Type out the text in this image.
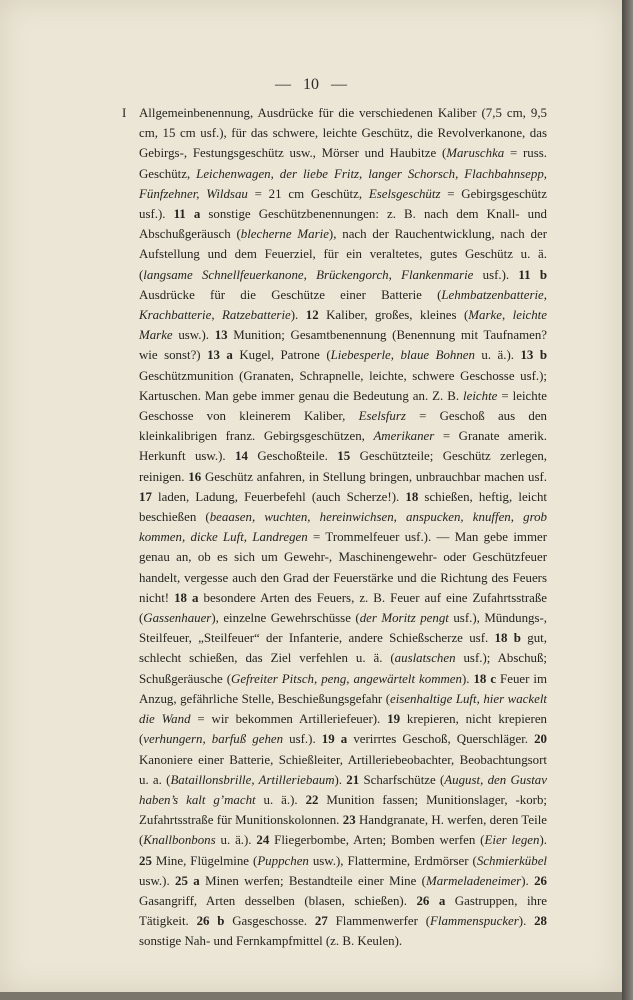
— 10 —
I Allgemeinbenennung, Ausdrücke für die verschiedenen Kaliber (7,5 cm, 9,5 cm, 15 cm usf.), für das schwere, leichte Geschütz, die Revolverkanone, das Gebirgs-, Festungsgeschütz usw., Mörser und Haubitze (Maruschka = russ. Geschütz, Leichenwagen, der liebe Fritz, langer Schorsch, Flachbahnsepp, Fünfzehner, Wildsau = 21 cm Geschütz, Eselsgeschütz = Gebirgsgeschütz usf.). 11 a sonstige Geschützbenennungen: z. B. nach dem Knall- und Abschußgeräusch (blecherne Marie), nach der Rauchentwicklung, nach der Aufstellung und dem Feuerziel, für ein veraltetes, gutes Geschütz u. ä. (langsame Schnellfeuerkanone, Brückengorch, Flankenmarie usf.). 11 b Ausdrücke für die Geschütze einer Batterie (Lehmbatzenbatterie, Krachbatterie, Ratzebatterie). 12 Kaliber, großes, kleines (Marke, leichte Marke usw.). 13 Munition; Gesamtbenennung (Benennung mit Taufnamen? wie sonst?) 13 a Kugel, Patrone (Liebesperle, blaue Bohnen u. ä.). 13 b Geschützmunition (Granaten, Schrapnelle, leichte, schwere Geschosse usf.); Kartuschen. Man gebe immer genau die Bedeutung an. Z. B. leichte = leichte Geschosse von kleinerem Kaliber, Eselsfurz = Geschoß aus den kleinkalibrigen franz. Gebirgsgeschützen, Amerikaner = Granate amerik. Herkunft usw.). 14 Geschoßteile. 15 Geschützteile; Geschütz zerlegen, reinigen. 16 Geschütz anfahren, in Stellung bringen, unbrauchbar machen usf. 17 laden, Ladung, Feuerbefehl (auch Scherze!). 18 schießen, heftig, leicht beschießen (beaasen, wuchten, hereinwichsen, anspucken, knuffen, grob kommen, dicke Luft, Landregen = Trommelfeuer usf.). — Man gebe immer genau an, ob es sich um Gewehr-, Maschinengewehr- oder Geschützfeuer handelt, vergesse auch den Grad der Feuerstärke und die Richtung des Feuers nicht! 18 a besondere Arten des Feuers, z. B. Feuer auf eine Zufahrtsstraße (Gassenhauer), einzelne Gewehrschüsse (der Moritz pengt usf.), Mündungs-, Steilfeuer, „Steilfeuer“ der Infanterie, andere Schießscherze usf. 18 b gut, schlecht schießen, das Ziel verfehlen u. ä. (auslatschen usf.); Abschuß; Schußgeräusche (Gefreiter Pitsch, peng, angewärtelt kommen). 18 c Feuer im Anzug, gefährliche Stelle, Beschießungsgefahr (eisenhaltige Luft, hier wackelt die Wand = wir bekommen Artilleriefeuer). 19 krepieren, nicht krepieren (verhungern, barfuß gehen usf.). 19 a verirrtes Geschoß, Querschläger. 20 Kanoniere einer Batterie, Schießleiter, Artilleriebeobachter, Beobachtungsort u. a. (Bataillonsbrille, Artilleriebaum). 21 Scharfschütze (August, den Gustav haben’s kalt g’macht u. ä.). 22 Munition fassen; Munitionslager, -korb; Zufahrtsstraße für Munitionskolonnen. 23 Handgranate, H. werfen, deren Teile (Knallbonbons u. ä.). 24 Fliegerbombe, Arten; Bomben werfen (Eier legen). 25 Mine, Flügelmine (Puppchen usw.), Flattermine, Erdmörser (Schmierkübel usw.). 25 a Minen werfen; Bestandteile einer Mine (Marmeladeneimer). 26 Gasangriff, Arten desselben (blasen, schießen). 26 a Gastruppen, ihre Tätigkeit. 26 b Gasgeschosse. 27 Flammenwerfer (Flammenspucker). 28 sonstige Nah- und Fernkampfmittel (z. B. Keulen).
